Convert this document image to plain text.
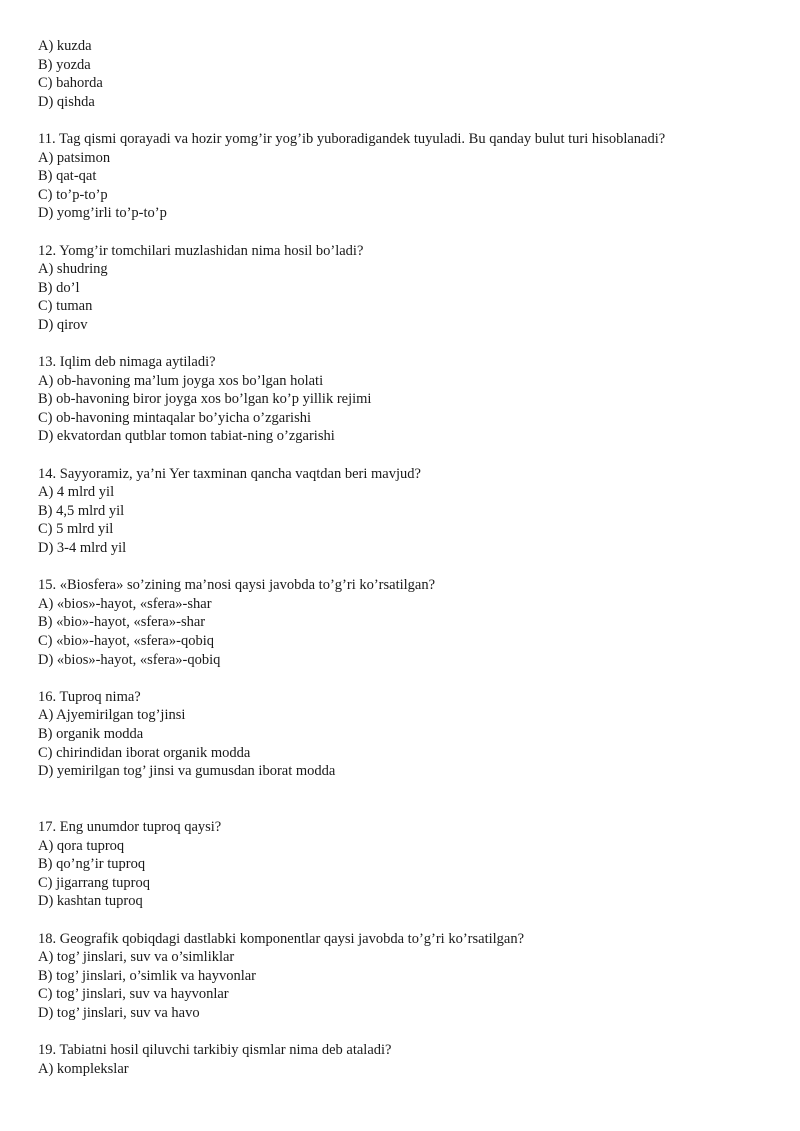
A) kuzda
B) yozda
C) bahorda
D) qishda
11. Tag qismi qorayadi va hozir yomg’ir yog’ib yuboradigandek tuyuladi. Bu qanday bulut turi hisoblanadi?
A) patsimon
B) qat-qat
C) to’p-to’p
D) yomg’irli to’p-to’p
12. Yomg’ir tomchilari muzlashidan nima hosil bo’ladi?
A) shudring
B) do’l
C) tuman
D) qirov
13. Iqlim deb nimaga aytiladi?
A) ob-havoning ma’lum joyga xos bo’lgan holati
B) ob-havoning biror joyga xos bo’lgan ko’p yillik rejimi
C) ob-havoning mintaqalar bo’yicha o’zgarishi
D) ekvatordan qutblar tomon tabiat-ning o’zgarishi
14. Sayyoramiz, ya’ni Yer taxminan qancha vaqtdan beri mavjud?
A) 4 mlrd yil
B) 4,5 mlrd yil
C) 5 mlrd yil
D) 3-4 mlrd yil
15. «Biosfera» so’zining ma’nosi qaysi javobda to’g’ri ko’rsatilgan?
A) «bios»-hayot, «sfera»-shar
B) «bio»-hayot, «sfera»-shar
C) «bio»-hayot, «sfera»-qobiq
D) «bios»-hayot, «sfera»-qobiq
16. Tuproq nima?
A) Ajyemirilgan tog’jinsi
B) organik modda
C) chirindidan iborat organik modda
D) yemirilgan tog’ jinsi va gumusdan iborat modda
17. Eng unumdor tuproq qaysi?
A) qora tuproq
B) qo’ng’ir tuproq
C) jigarrang tuproq
D) kashtan tuproq
18. Geografik qobiqdagi dastlabki komponentlar qaysi javobda to’g’ri ko’rsatilgan?
A) tog’ jinslari, suv va o’simliklar
B) tog’ jinslari, o’simlik va hayvonlar
C) tog’ jinslari, suv va hayvonlar
D) tog’ jinslari, suv va havo
19. Tabiatni hosil qiluvchi tarkibiy qismlar nima deb ataladi?
A) komplekslar
